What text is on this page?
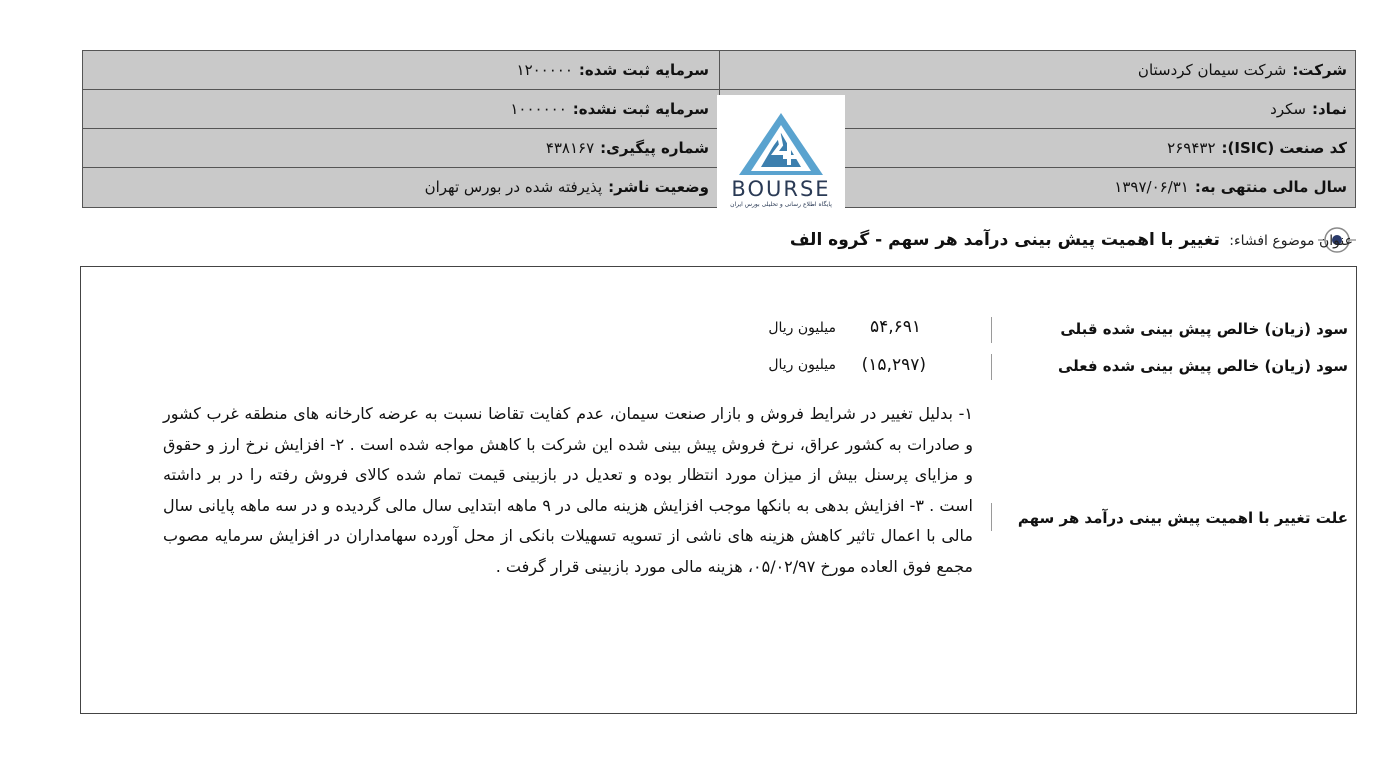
شرکت:شرکت سیمان کردستان
سرمایه ثبت شده:۱۲۰۰۰۰۰
نماد:سکرد
سرمایه ثبت نشده:۱۰۰۰۰۰۰
کد صنعت (ISIC):۲۶۹۴۳۲
شماره پیگیری:۴۳۸۱۶۷
سال مالی منتهی به:۱۳۹۷/۰۶/۳۱
وضعیت ناشر:پذیرفته شده در بورس تهران	BOURSE
پایگاه اطلاع رسانی و تحلیلی بورس ایران
عنوان موضوع افشاء: تغییر با اهمیت پیش بینی درآمد هر سهم - گروه الف
سود (زیان) خالص پیش بینی شده قبلی
۵۴,۶۹۱
میلیون ریال
سود (زیان) خالص پیش بینی شده فعلی
(۱۵,۲۹۷)
میلیون ریال
علت تغییر با اهمیت پیش بینی درآمد هر سهم
۱- بدلیل تغییر در شرایط فروش و بازار صنعت سیمان، عدم کفایت تقاضا نسبت به عرضه کارخانه های منطقه غرب کشور و صادرات به کشور عراق، نرخ فروش پیش بینی شده این شرکت با کاهش مواجه شده است . ۲- افزایش نرخ ارز و حقوق و مزایای پرسنل بیش از میزان مورد انتظار بوده و تعدیل در بازبینی قیمت تمام شده کالای فروش رفته را در بر داشته است . ۳- افزایش بدهی به بانکها موجب افزایش هزینه مالی در ۹ ماهه ابتدایی سال مالی گردیده و در سه ماهه پایانی سال مالی با اعمال تاثیر کاهش هزینه های ناشی از تسویه تسهیلات بانکی از محل آورده سهامداران در افزایش سرمایه مصوب مجمع فوق العاده مورخ ۰۵/۰۲/۹۷، هزینه مالی مورد بازبینی قرار گرفت .
